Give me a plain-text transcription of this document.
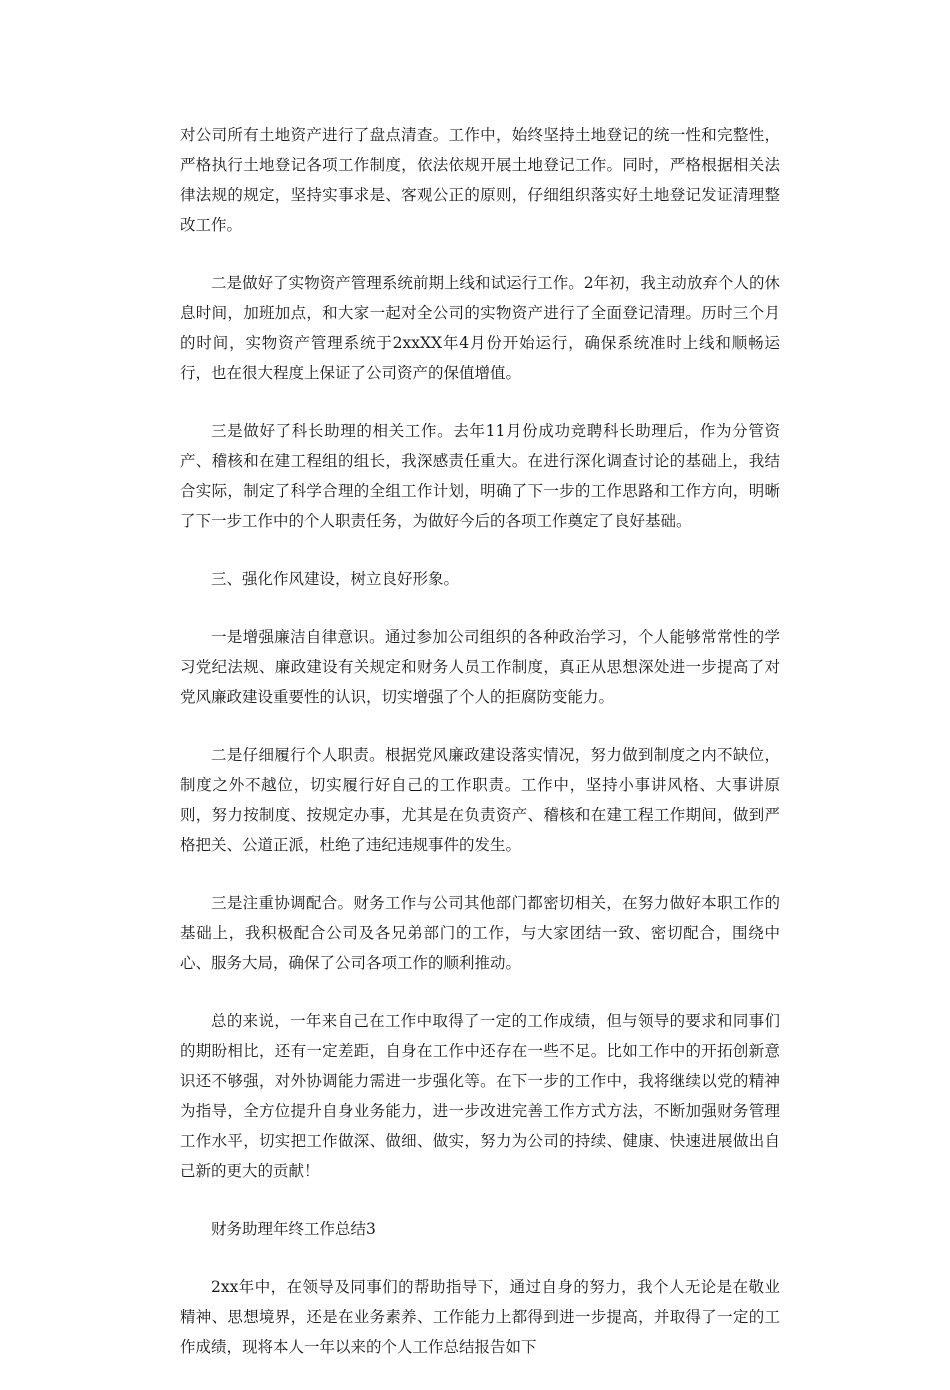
对公司所有土地资产进行了盘点清查。工作中，始终坚持土地登记的统一性和完整性，严格执行土地登记各项工作制度，依法依规开展土地登记工作。同时，严格根据相关法律法规的规定，坚持实事求是、客观公正的原则，仔细组织落实好土地登记发证清理整改工作。

二是做好了实物资产管理系统前期上线和试运行工作。2年初，我主动放弃个人的休息时间，加班加点，和大家一起对全公司的实物资产进行了全面登记清理。历时三个月的时间，实物资产管理系统于2xxXX年4月份开始运行，确保系统准时上线和顺畅运行，也在很大程度上保证了公司资产的保值增值。

三是做好了科长助理的相关工作。去年11月份成功竞聘科长助理后，作为分管资产、稽核和在建工程组的组长，我深感责任重大。在进行深化调查讨论的基础上，我结合实际，制定了科学合理的全组工作计划，明确了下一步的工作思路和工作方向，明晰了下一步工作中的个人职责任务，为做好今后的各项工作奠定了良好基础。

三、强化作风建设，树立良好形象。

一是增强廉洁自律意识。通过参加公司组织的各种政治学习，个人能够常常性的学习党纪法规、廉政建设有关规定和财务人员工作制度，真正从思想深处进一步提高了对党风廉政建设重要性的认识，切实增强了个人的拒腐防变能力。

二是仔细履行个人职责。根据党风廉政建设落实情况，努力做到制度之内不缺位，制度之外不越位，切实履行好自己的工作职责。工作中，坚持小事讲风格、大事讲原则，努力按制度、按规定办事，尤其是在负责资产、稽核和在建工程工作期间，做到严格把关、公道正派，杜绝了违纪违规事件的发生。

三是注重协调配合。财务工作与公司其他部门都密切相关，在努力做好本职工作的基础上，我积极配合公司及各兄弟部门的工作，与大家团结一致、密切配合，围绕中心、服务大局，确保了公司各项工作的顺利推动。

总的来说，一年来自己在工作中取得了一定的工作成绩，但与领导的要求和同事们的期盼相比，还有一定差距，自身在工作中还存在一些不足。比如工作中的开拓创新意识还不够强，对外协调能力需进一步强化等。在下一步的工作中，我将继续以党的精神为指导，全方位提升自身业务能力，进一步改进完善工作方式方法，不断加强财务管理工作水平，切实把工作做深、做细、做实，努力为公司的持续、健康、快速进展做出自己新的更大的贡献！

财务助理年终工作总结3

2xx年中，在领导及同事们的帮助指导下，通过自身的努力，我个人无论是在敬业精神、思想境界，还是在业务素养、工作能力上都得到进一步提高，并取得了一定的工作成绩，现将本人一年以来的个人工作总结报告如下
